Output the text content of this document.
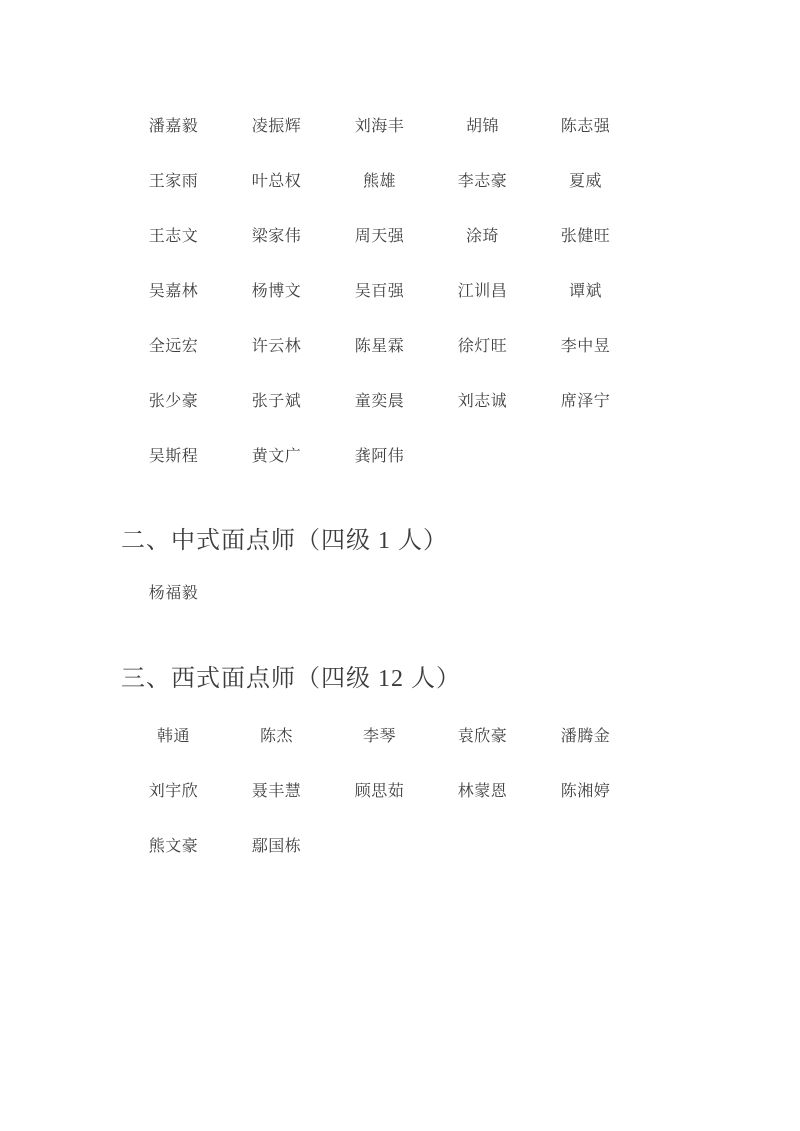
潘嘉毅	凌振辉	刘海丰	胡锦	陈志强
王家雨	叶总权	熊雄	李志豪	夏威
王志文	梁家伟	周天强	涂琦	张健旺
吴嘉林	杨博文	吴百强	江训昌	谭斌
全远宏	许云林	陈星霖	徐灯旺	李中昱
张少豪	张子斌	童奕晨	刘志诚	席泽宁
吴斯程	黄文广	龚阿伟
二、中式面点师（四级 1 人）
杨福毅
三、西式面点师（四级 12 人）
韩通	陈杰	李琴	袁欣豪	潘腾金
刘宇欣	聂丰慧	顾思茹	林蒙恩	陈湘婷
熊文豪	鄢国栋
